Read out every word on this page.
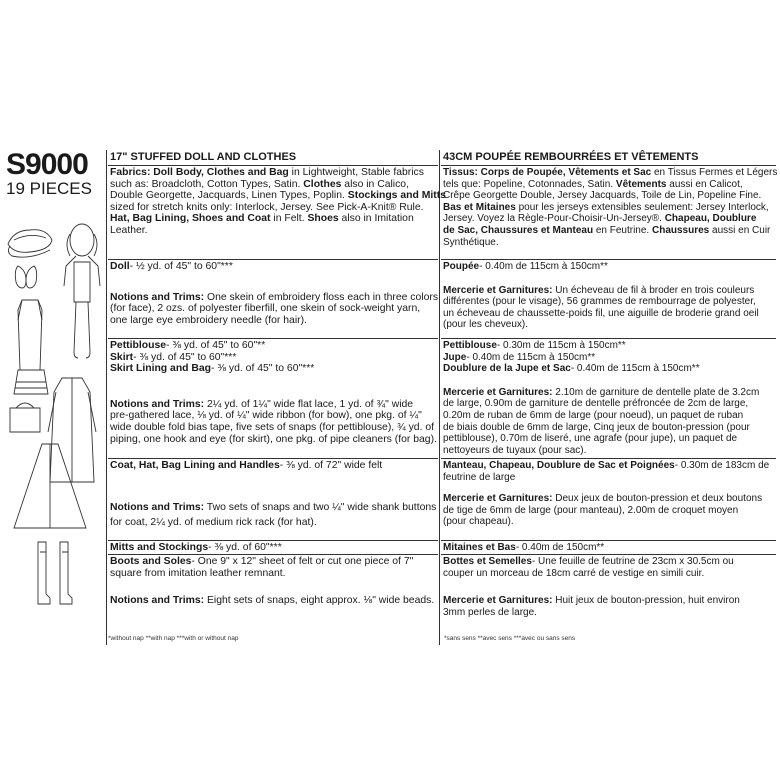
S9000
19 PIECES
17" STUFFED DOLL AND CLOTHES
Fabrics: Doll Body, Clothes and Bag in Lightweight, Stable fabrics
such as: Broadcloth, Cotton Types, Satin. Clothes also in Calico,
Double Georgette, Jacquards, Linen Types, Poplin. Stockings and Mitts
sized for stretch knits only: Interlock, Jersey. See Pick-A-Knit® Rule.
Hat, Bag Lining, Shoes and Coat in Felt. Shoes also in Imitation
Leather.
Doll- ½ yd. of 45" to 60"***
Notions and Trims: One skein of embroidery floss each in three colors
(for face), 2 ozs. of polyester fiberfill, one skein of sock-weight yarn,
one large eye embroidery needle (for hair).
Pettiblouse- ⅜ yd. of 45" to 60"**
Skirt- ⅜ yd. of 45" to 60"***
Skirt Lining and Bag- ⅜ yd. of 45" to 60"***
Notions and Trims: 2¼ yd. of 1¼" wide flat lace, 1 yd. of ¾" wide
pre-gathered lace, ⅛ yd. of ¼" wide ribbon (for bow), one pkg. of ¼"
wide double fold bias tape, five sets of snaps (for pettiblouse), ¾ yd. of
piping, one hook and eye (for skirt), one pkg. of pipe cleaners (for bag).
Coat, Hat, Bag Lining and Handles- ⅜ yd. of 72" wide felt
Notions and Trims: Two sets of snaps and two ¼" wide shank buttons
for coat, 2¼ yd. of medium rick rack (for hat).
Mitts and Stockings- ⅜ yd. of 60"***
Boots and Soles- One 9" x 12" sheet of felt or cut one piece of 7"
square from imitation leather remnant.
Notions and Trims: Eight sets of snaps, eight approx. ⅛" wide beads.
*without nap **with nap ***with or without nap
43CM POUPÉE REMBOURRÉES ET VÊTEMENTS
Tissus: Corps de Poupée, Vêtements et Sac en Tissus Fermes et Légers
tels que: Popeline, Cotonnades, Satin. Vêtements aussi en Calicot,
Crêpe Georgette Double, Jersey Jacquards, Toile de Lin, Popeline Fine.
Bas et Mitaines pour les jerseys extensibles seulement: Jersey Interlock,
Jersey. Voyez la Règle-Pour-Choisir-Un-Jersey®. Chapeau, Doublure
de Sac, Chaussures et Manteau en Feutrine. Chaussures aussi en Cuir
Synthétique.
Poupée- 0.40m de 115cm à 150cm**
Mercerie et Garnitures: Un écheveau de fil à broder en trois couleurs
différentes (pour le visage), 56 grammes de rembourrage de polyester,
un écheveau de chaussette-poids fil, une aiguille de broderie grand oeil
(pour les cheveux).
Pettiblouse- 0.30m de 115cm à 150cm**
Jupe- 0.40m de 115cm à 150cm**
Doublure de la Jupe et Sac- 0.40m de 115cm à 150cm**
Mercerie et Garnitures: 2.10m de garniture de dentelle plate de 3.2cm
de large, 0.90m de garniture de dentelle préfroncée de 2cm de large,
0.20m de ruban de 6mm de large (pour noeud), un paquet de ruban
de biais double de 6mm de large, Cinq jeux de bouton-pression (pour
pettiblouse), 0.70m de liseré, une agrafe (pour jupe), un paquet de
nettoyeurs de tuyaux (pour sac).
Manteau, Chapeau, Doublure de Sac et Poignées- 0.30m de 183cm de
feutrine de large
Mercerie et Garnitures: Deux jeux de bouton-pression et deux boutons
de tige de 6mm de large (pour manteau), 2.00m de croquet moyen
(pour chapeau).
Mitaines et Bas- 0.40m de 150cm**
Bottes et Semelles- Une feuille de feutrine de 23cm x 30.5cm ou
couper un morceau de 18cm carré de vestige en simili cuir.
Mercerie et Garnitures: Huit jeux de bouton-pression, huit environ
3mm perles de large.
*sans sens **avec sens ***avec ou sans sens
